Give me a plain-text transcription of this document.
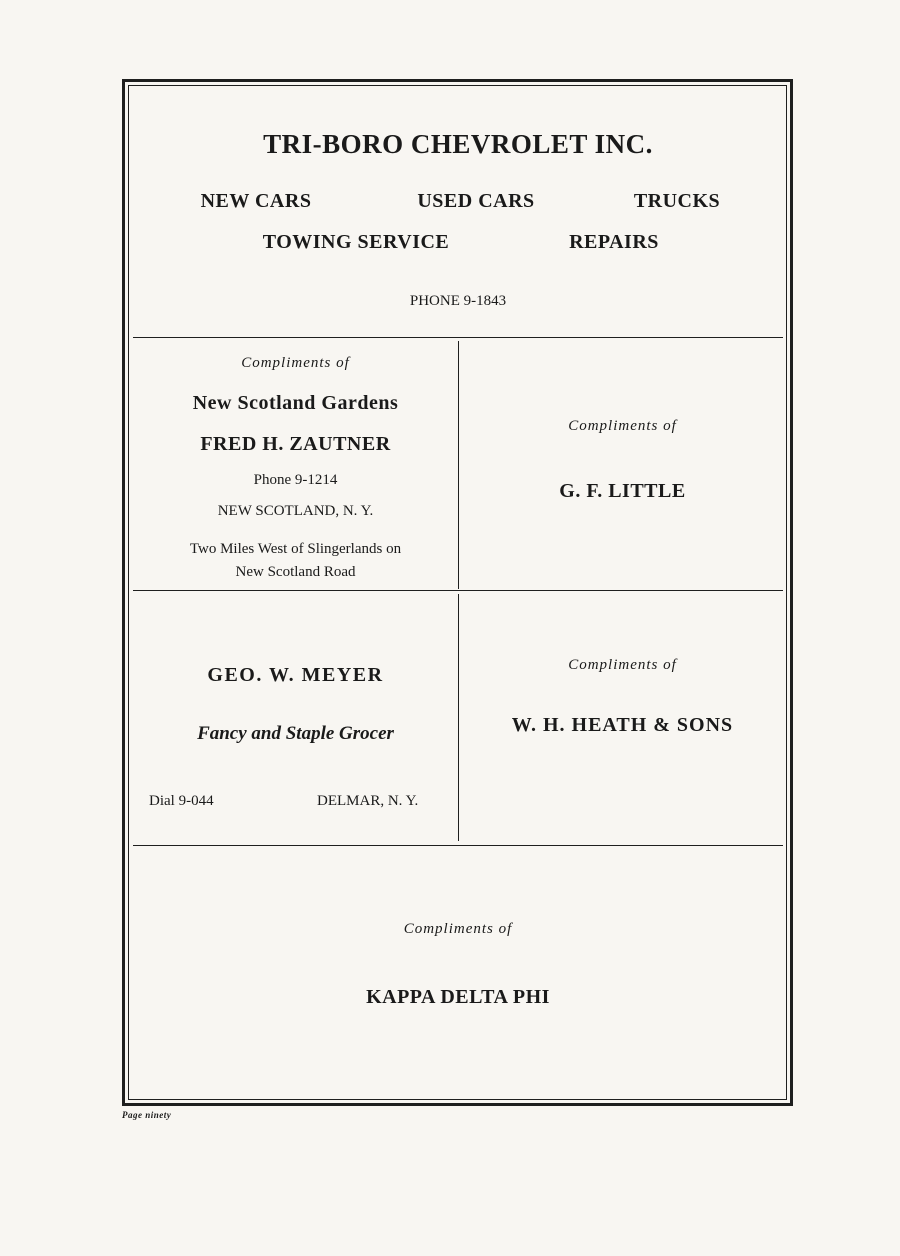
TRI-BORO CHEVROLET INC.
NEW CARS	USED CARS	TRUCKS
TOWING SERVICE	REPAIRS
PHONE 9-1843
Compliments of
New Scotland Gardens
FRED H. ZAUTNER
Phone 9-1214
NEW SCOTLAND, N. Y.
Two Miles West of Slingerlands on
New Scotland Road
Compliments of
G. F. LITTLE
GEO. W. MEYER
Fancy and Staple Grocer
Dial 9-044	DELMAR, N. Y.
Compliments of
W. H. HEATH & SONS
Compliments of
KAPPA DELTA PHI
Page ninety
